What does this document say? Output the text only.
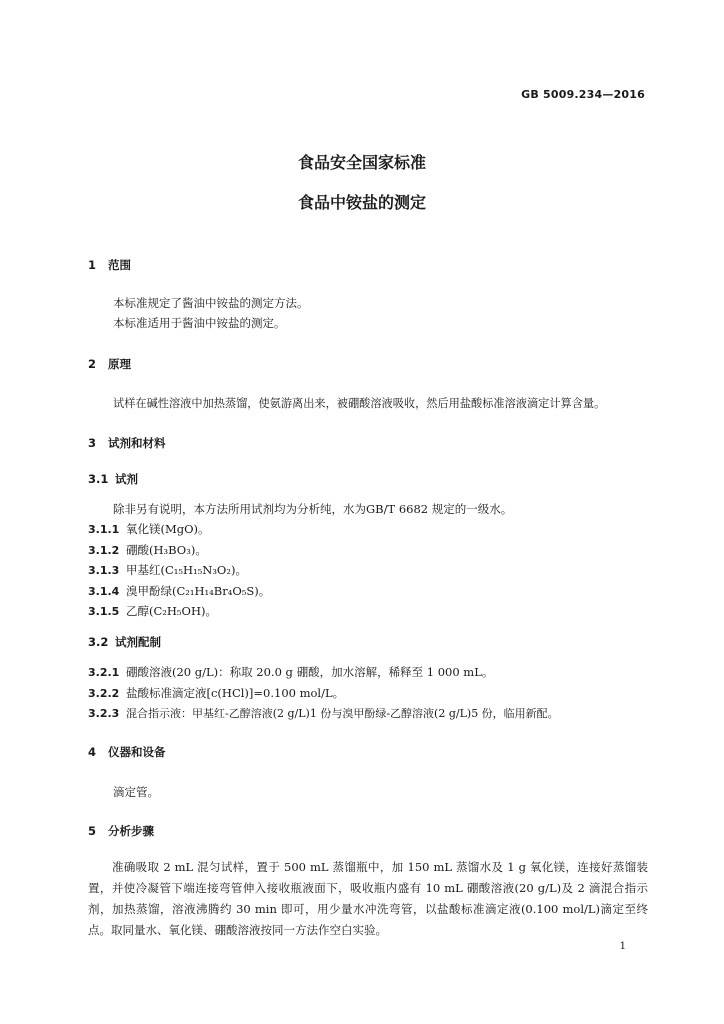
GB 5009.234—2016
食品安全国家标准
食品中铵盐的测定
1 范围
本标准规定了酱油中铵盐的测定方法。
本标准适用于酱油中铵盐的测定。
2 原理
试样在碱性溶液中加热蒸馏，使氨游离出来，被硼酸溶液吸收，然后用盐酸标准溶液滴定计算含量。
3 试剂和材料
3.1 试剂
除非另有说明，本方法所用试剂均为分析纯，水为GB/T 6682 规定的一级水。
3.1.1 氧化镁(MgO)。
3.1.2 硼酸(H₃BO₃)。
3.1.3 甲基红(C₁₅H₁₅N₃O₂)。
3.1.4 溴甲酚绿(C₂₁H₁₄Br₄O₅S)。
3.1.5 乙醇(C₂H₅OH)。
3.2 试剂配制
3.2.1 硼酸溶液(20 g/L)：称取 20.0 g 硼酸，加水溶解，稀释至 1 000 mL。
3.2.2 盐酸标准滴定液[c(HCl)]=0.100 mol/L。
3.2.3 混合指示液：甲基红-乙醇溶液(2 g/L)1 份与溴甲酚绿-乙醇溶液(2 g/L)5 份，临用新配。
4 仪器和设备
滴定管。
5 分析步骤
准确吸取 2 mL 混匀试样，置于 500 mL 蒸馏瓶中，加 150 mL 蒸馏水及 1 g 氧化镁，连接好蒸馏装置，并使冷凝管下端连接弯管伸入接收瓶液面下，吸收瓶内盛有 10 mL 硼酸溶液(20 g/L)及 2 滴混合指示剂，加热蒸馏，溶液沸腾约 30 min 即可，用少量水冲洗弯管，以盐酸标准滴定液(0.100 mol/L)滴定至终点。取同量水、氧化镁、硼酸溶液按同一方法作空白实验。
1
